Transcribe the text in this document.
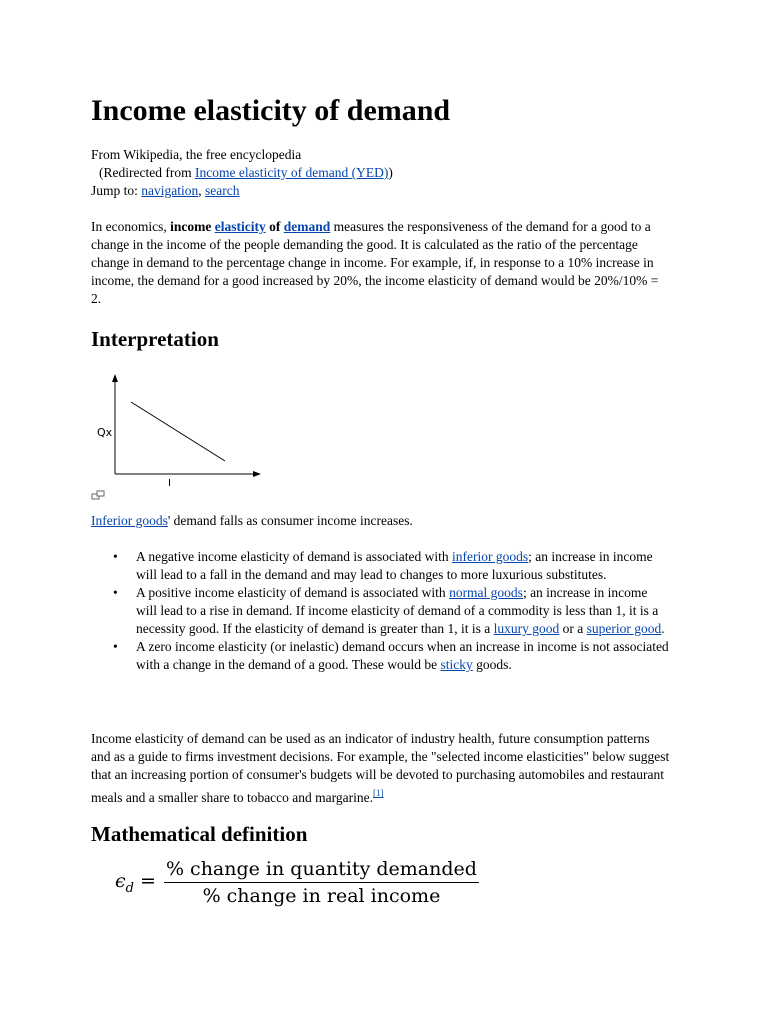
Income elasticity of demand
From Wikipedia, the free encyclopedia
(Redirected from Income elasticity of demand (YED))
Jump to: navigation, search
In economics, income elasticity of demand measures the responsiveness of the demand for a good to a change in the income of the people demanding the good. It is calculated as the ratio of the percentage change in demand to the percentage change in income. For example, if, in response to a 10% increase in income, the demand for a good increased by 20%, the income elasticity of demand would be 20%/10% = 2.
Interpretation
Qx
I
Inferior goods' demand falls as consumer income increases.
• A negative income elasticity of demand is associated with inferior goods; an increase in income will lead to a fall in the demand and may lead to changes to more luxurious substitutes.
• A positive income elasticity of demand is associated with normal goods; an increase in income will lead to a rise in demand. If income elasticity of demand of a commodity is less than 1, it is a necessity good. If the elasticity of demand is greater than 1, it is a luxury good or a superior good.
• A zero income elasticity (or inelastic) demand occurs when an increase in income is not associated with a change in the demand of a good. These would be sticky goods.
Income elasticity of demand can be used as an indicator of industry health, future consumption patterns and as a guide to firms investment decisions. For example, the "selected income elasticities" below suggest that an increasing portion of consumer's budgets will be devoted to purchasing automobiles and restaurant meals and a smaller share to tobacco and margarine.[1]
Mathematical definition
$\epsilon_d = \frac{\text{\% change in quantity demanded}}{\text{\% change in real income}}$
